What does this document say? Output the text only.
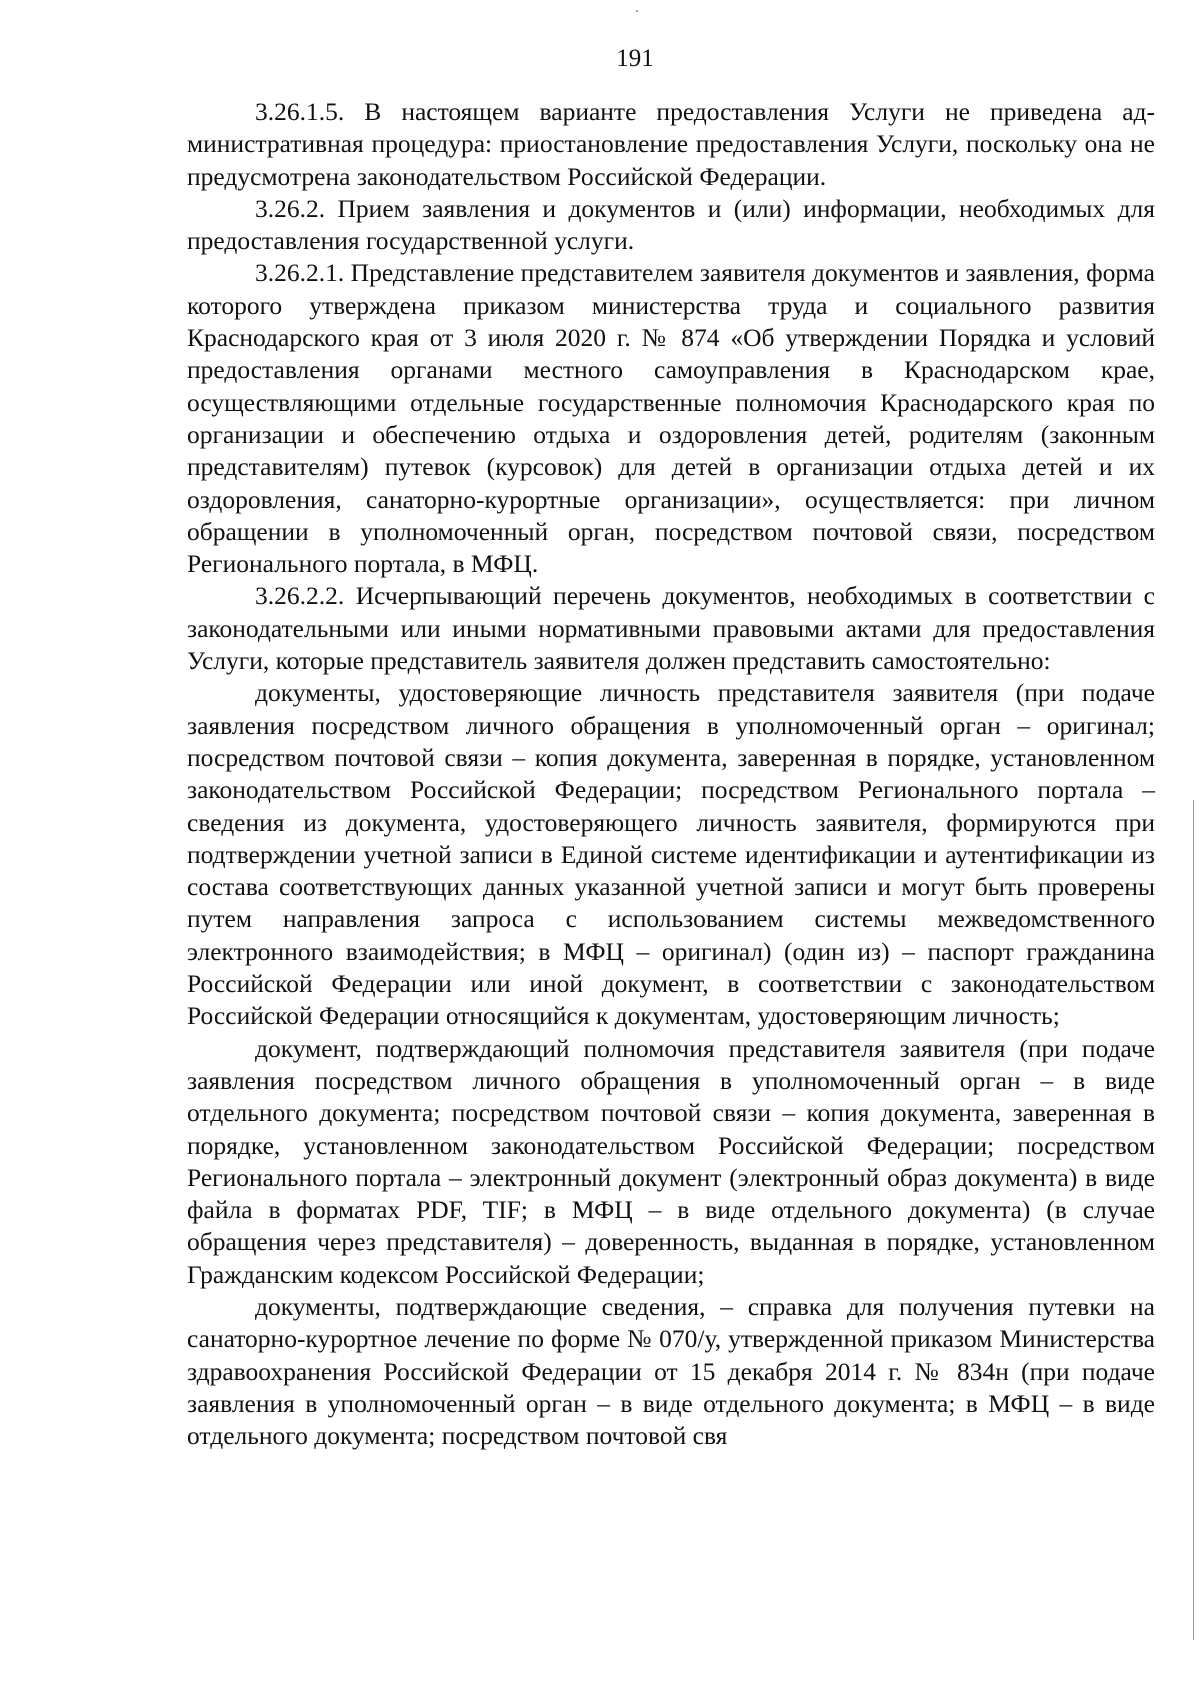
191

3.26.1.5. В настоящем варианте предоставления Услуги не приведена административная процедура: приостановление предоставления Услуги, поскольку она не предусмотрена законодательством Российской Федерации.

3.26.2. Прием заявления и документов и (или) информации, необходимых для предоставления государственной услуги.

3.26.2.1. Представление представителем заявителя документов и заявления, форма которого утверждена приказом министерства труда и социального развития Краснодарского края от 3 июля 2020 г. № 874 «Об утверждении Порядка и условий предоставления органами местного самоуправления в Краснодарском крае, осуществляющими отдельные государственные полномочия Краснодарского края по организации и обеспечению отдыха и оздоровления детей, родителям (законным представителям) путевок (курсовок) для детей в организации отдыха детей и их оздоровления, санаторно-курортные организации», осуществляется: при личном обращении в уполномоченный орган, посредством почтовой связи, посредством Регионального портала, в МФЦ.

3.26.2.2. Исчерпывающий перечень документов, необходимых в соответствии с законодательными или иными нормативными правовыми актами для предоставления Услуги, которые представитель заявителя должен представить самостоятельно:

документы, удостоверяющие личность представителя заявителя (при подаче заявления посредством личного обращения в уполномоченный орган – оригинал; посредством почтовой связи – копия документа, заверенная в порядке, установленном законодательством Российской Федерации; посредством Регионального портала – сведения из документа, удостоверяющего личность заявителя, формируются при подтверждении учетной записи в Единой системе идентификации и аутентификации из состава соответствующих данных указанной учетной записи и могут быть проверены путем направления запроса с использованием системы межведомственного электронного взаимодействия; в МФЦ – оригинал) (один из) – паспорт гражданина Российской Федерации или иной документ, в соответствии с законодательством Российской Федерации относящийся к документам, удостоверяющим личность;

документ, подтверждающий полномочия представителя заявителя (при подаче заявления посредством личного обращения в уполномоченный орган – в виде отдельного документа; посредством почтовой связи – копия документа, заверенная в порядке, установленном законодательством Российской Федерации; посредством Регионального портала – электронный документ (электронный образ документа) в виде файла в форматах PDF, TIF; в МФЦ – в виде отдельного документа) (в случае обращения через представителя) – доверенность, выданная в порядке, установленном Гражданским кодексом Российской Федерации;

документы, подтверждающие сведения, – справка для получения путевки на санаторно-курортное лечение по форме № 070/у, утвержденной приказом Министерства здравоохранения Российской Федерации от 15 декабря 2014 г. № 834н (при подаче заявления в уполномоченный орган – в виде отдельного документа; в МФЦ – в виде отдельного документа; посредством почтовой свя
